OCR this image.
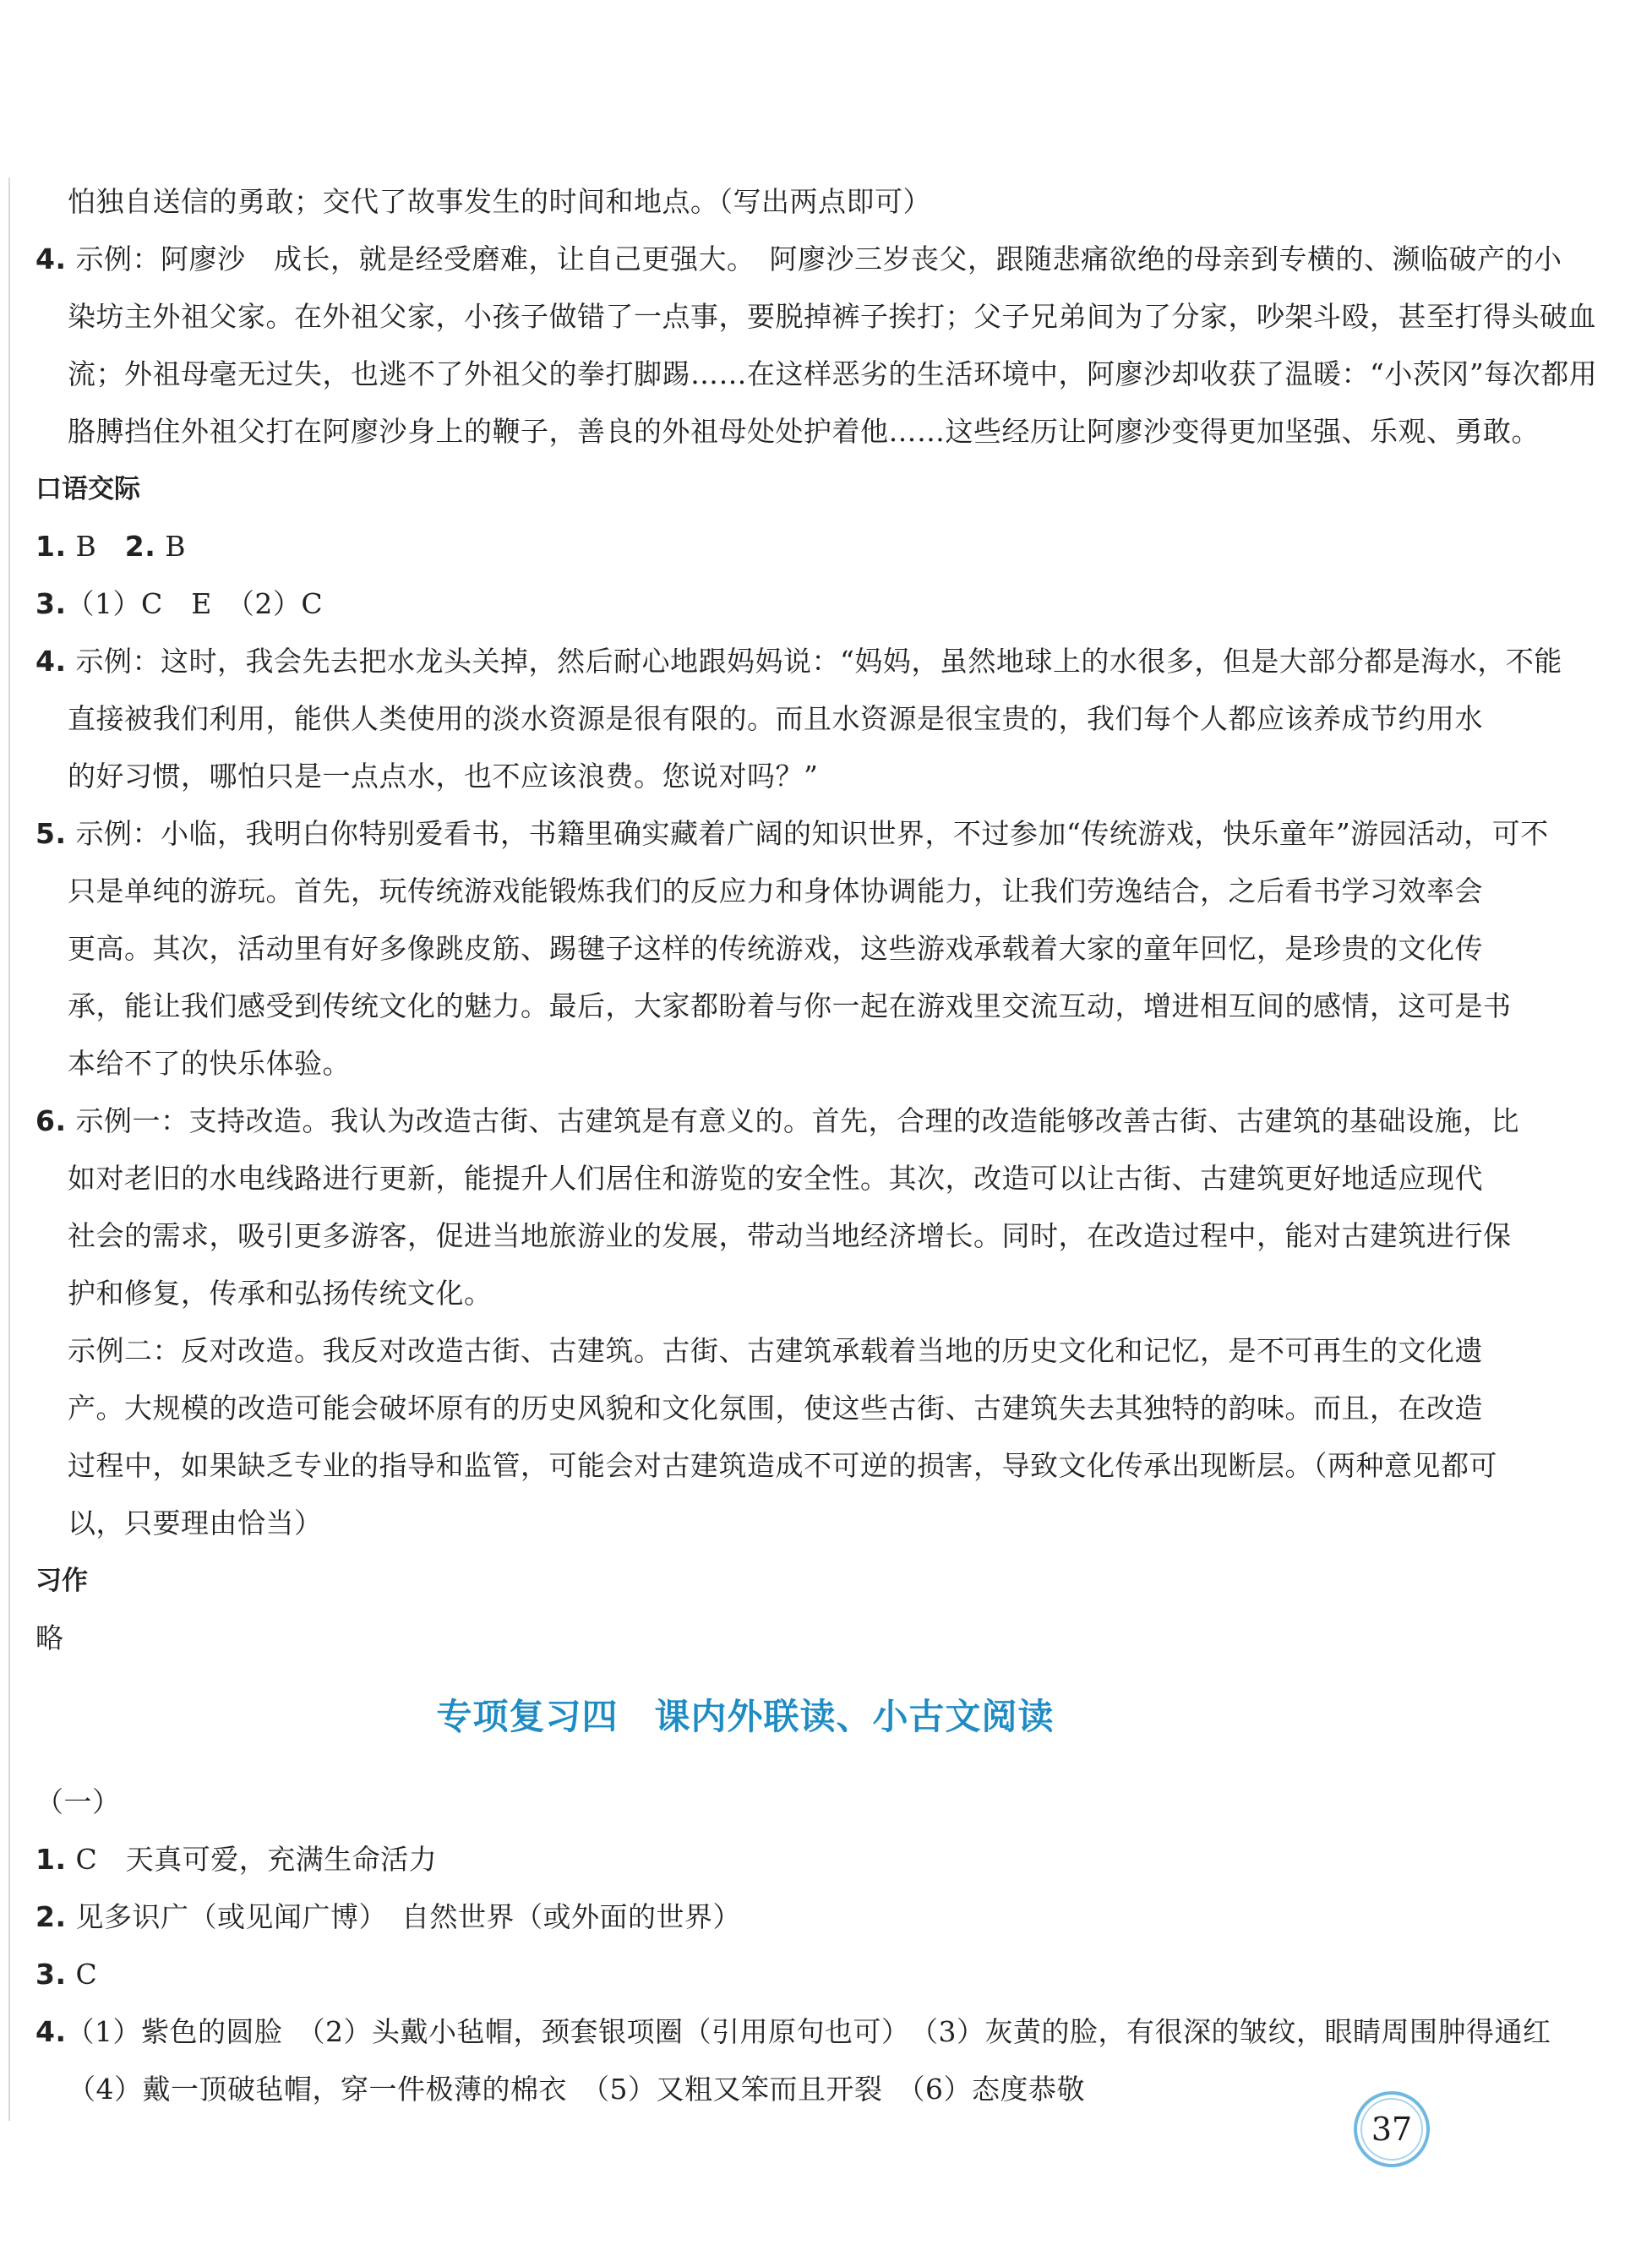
怕独自送信的勇敢；交代了故事发生的时间和地点。（写出两点即可）
4. 示例：阿廖沙　成长，就是经受磨难，让自己更强大。　阿廖沙三岁丧父，跟随悲痛欲绝的母亲到专横的、濒临破产的小
染坊主外祖父家。在外祖父家，小孩子做错了一点事，要脱掉裤子挨打；父子兄弟间为了分家，吵架斗殴，甚至打得头破血
流；外祖母毫无过失，也逃不了外祖父的拳打脚踢……在这样恶劣的生活环境中，阿廖沙却收获了温暖：“小茨冈”每次都用
胳膊挡住外祖父打在阿廖沙身上的鞭子，善良的外祖母处处护着他……这些经历让阿廖沙变得更加坚强、乐观、勇敢。
口语交际
1. B　2. B
3.（1）C　E　（2）C
4. 示例：这时，我会先去把水龙头关掉，然后耐心地跟妈妈说：“妈妈，虽然地球上的水很多，但是大部分都是海水，不能
直接被我们利用，能供人类使用的淡水资源是很有限的。而且水资源是很宝贵的，我们每个人都应该养成节约用水
的好习惯，哪怕只是一点点水，也不应该浪费。您说对吗？”
5. 示例：小临，我明白你特别爱看书，书籍里确实藏着广阔的知识世界，不过参加“传统游戏，快乐童年”游园活动，可不
只是单纯的游玩。首先，玩传统游戏能锻炼我们的反应力和身体协调能力，让我们劳逸结合，之后看书学习效率会
更高。其次，活动里有好多像跳皮筋、踢毽子这样的传统游戏，这些游戏承载着大家的童年回忆，是珍贵的文化传
承，能让我们感受到传统文化的魅力。最后，大家都盼着与你一起在游戏里交流互动，增进相互间的感情，这可是书
本给不了的快乐体验。
6. 示例一：支持改造。我认为改造古街、古建筑是有意义的。首先，合理的改造能够改善古街、古建筑的基础设施，比
如对老旧的水电线路进行更新，能提升人们居住和游览的安全性。其次，改造可以让古街、古建筑更好地适应现代
社会的需求，吸引更多游客，促进当地旅游业的发展，带动当地经济增长。同时，在改造过程中，能对古建筑进行保
护和修复，传承和弘扬传统文化。
示例二：反对改造。我反对改造古街、古建筑。古街、古建筑承载着当地的历史文化和记忆，是不可再生的文化遗
产。大规模的改造可能会破坏原有的历史风貌和文化氛围，使这些古街、古建筑失去其独特的韵味。而且，在改造
过程中，如果缺乏专业的指导和监管，可能会对古建筑造成不可逆的损害，导致文化传承出现断层。（两种意见都可
以，只要理由恰当）
习作
略
专项复习四　课内外联读、小古文阅读
（一）
1. C　天真可爱，充满生命活力
2. 见多识广（或见闻广博）　自然世界（或外面的世界）
3. C
4.（1）紫色的圆脸　（2）头戴小毡帽，颈套银项圈（引用原句也可）　（3）灰黄的脸，有很深的皱纹，眼睛周围肿得通红
（4）戴一顶破毡帽，穿一件极薄的棉衣　（5）又粗又笨而且开裂　（6）态度恭敬
37
